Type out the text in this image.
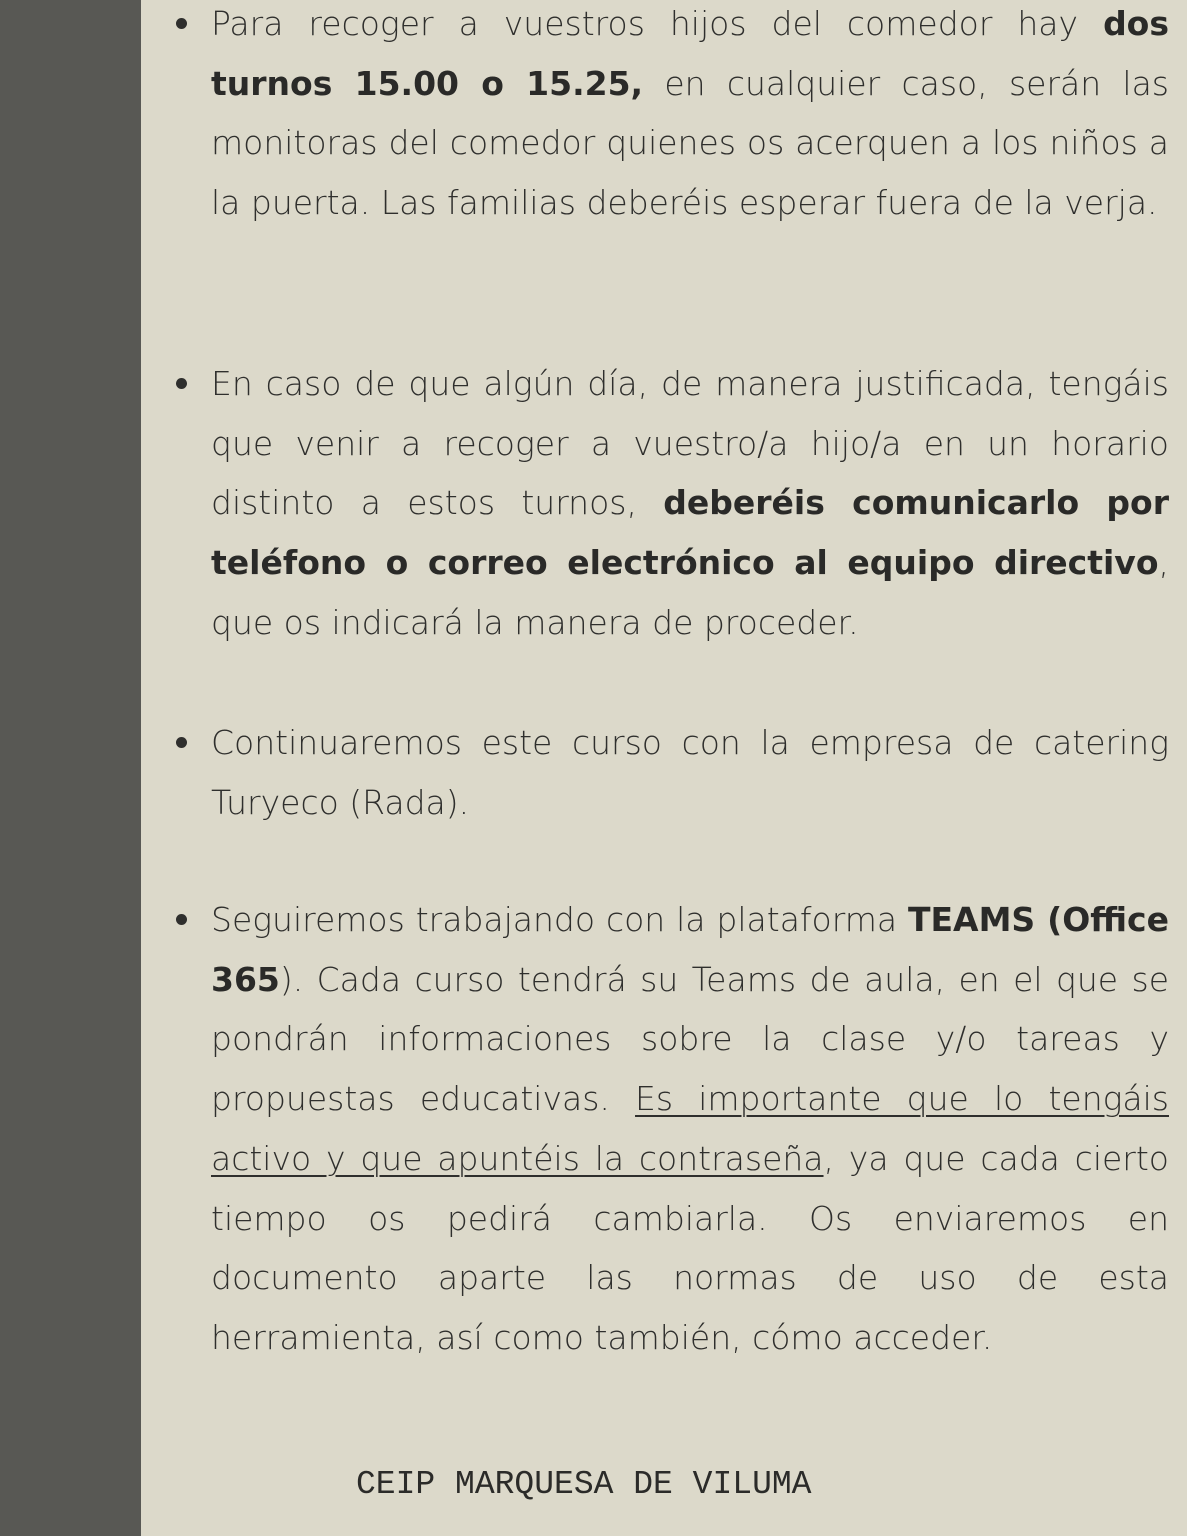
Para recoger a vuestros hijos del comedor hay dos turnos 15.00 o 15.25, en cualquier caso, serán las monitoras del comedor quienes os acerquen a los niños a la puerta. Las familias deberéis esperar fuera de la verja.
En caso de que algún día, de manera justificada, tengáis que venir a recoger a vuestro/a hijo/a en un horario distinto a estos turnos, deberéis comunicarlo por teléfono o correo electrónico al equipo directivo, que os indicará la manera de proceder.
Continuaremos este curso con la empresa de catering Turyeco (Rada).
Seguiremos trabajando con la plataforma TEAMS (Office 365). Cada curso tendrá su Teams de aula, en el que se pondrán informaciones sobre la clase y/o tareas y propuestas educativas. Es importante que lo tengáis activo y que apuntéis la contraseña, ya que cada cierto tiempo os pedirá cambiarla. Os enviaremos en documento aparte las normas de uso de esta herramienta, así como también, cómo acceder.
CEIP MARQUESA DE VILUMA
